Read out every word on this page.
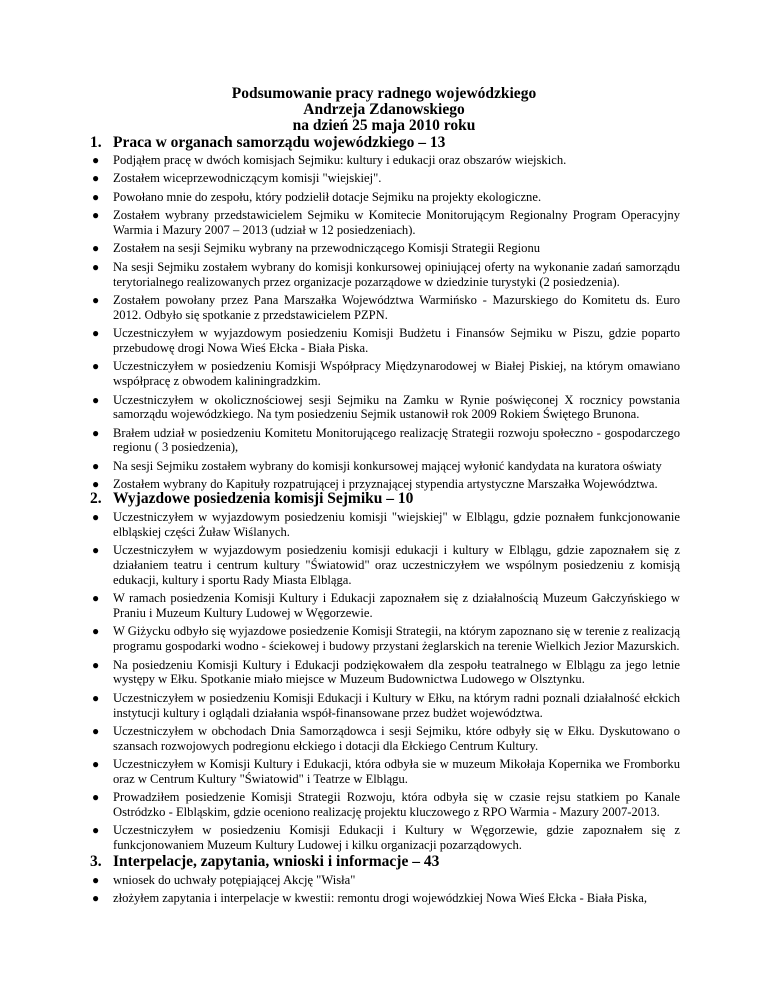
Podsumowanie pracy radnego wojewódzkiego
Andrzeja Zdanowskiego
na dzień 25 maja 2010 roku
1. Praca w organach samorządu wojewódzkiego – 13
● Podjąłem pracę w dwóch komisjach Sejmiku: kultury i edukacji oraz obszarów wiejskich.
● Zostałem wiceprzewodniczącym komisji "wiejskiej".
● Powołano mnie do zespołu, który podzielił dotacje Sejmiku na projekty ekologiczne.
● Zostałem wybrany przedstawicielem Sejmiku w Komitecie Monitorującym Regionalny Program Operacyjny Warmia i Mazury 2007 – 2013 (udział w 12 posiedzeniach).
● Zostałem na sesji Sejmiku wybrany na przewodniczącego Komisji Strategii Regionu
● Na sesji Sejmiku zostałem wybrany do komisji konkursowej opiniującej oferty na wykonanie zadań samorządu terytorialnego realizowanych przez organizacje pozarządowe w dziedzinie turystyki (2 posiedzenia).
● Zostałem powołany przez Pana Marszałka Województwa Warmińsko - Mazurskiego do Komitetu ds. Euro 2012. Odbyło się spotkanie z przedstawicielem PZPN.
● Uczestniczyłem w wyjazdowym posiedzeniu Komisji Budżetu i Finansów Sejmiku w Piszu, gdzie poparto przebudowę drogi Nowa Wieś Ełcka - Biała Piska.
● Uczestniczyłem w posiedzeniu Komisji Współpracy Międzynarodowej w Białej Piskiej, na którym omawiano współpracę z obwodem kaliningradzkim.
● Uczestniczyłem w okolicznościowej sesji Sejmiku na Zamku w Rynie poświęconej X rocznicy powstania samorządu wojewódzkiego. Na tym posiedzeniu Sejmik ustanowił rok 2009 Rokiem Świętego Brunona.
● Brałem udział w posiedzeniu Komitetu Monitorującego realizację Strategii rozwoju społeczno - gospodarczego regionu ( 3 posiedzenia),
● Na sesji Sejmiku zostałem wybrany do komisji konkursowej mającej wyłonić kandydata na kuratora oświaty
● Zostałem wybrany do Kapituły rozpatrującej i przyznającej stypendia artystyczne Marszałka Województwa.
2. Wyjazdowe posiedzenia komisji Sejmiku – 10
● Uczestniczyłem w wyjazdowym posiedzeniu komisji "wiejskiej" w Elblągu, gdzie poznałem funkcjonowanie elbląskiej części Żuław Wiślanych.
● Uczestniczyłem w wyjazdowym posiedzeniu komisji edukacji i kultury w Elblągu, gdzie zapoznałem się z działaniem teatru i centrum kultury "Światowid" oraz uczestniczyłem we wspólnym posiedzeniu z komisją edukacji, kultury i sportu Rady Miasta Elbląga.
● W ramach posiedzenia Komisji Kultury i Edukacji zapoznałem się z działalnością Muzeum Gałczyńskiego w Praniu i Muzeum Kultury Ludowej w Węgorzewie.
● W Giżycku odbyło się wyjazdowe posiedzenie Komisji Strategii, na którym zapoznano się w terenie z realizacją programu gospodarki wodno - ściekowej i budowy przystani żeglarskich na terenie Wielkich Jezior Mazurskich.
● Na posiedzeniu Komisji Kultury i Edukacji podziękowałem dla zespołu teatralnego w Elblągu za jego letnie występy w Ełku. Spotkanie miało miejsce w Muzeum Budownictwa Ludowego w Olsztynku.
● Uczestniczyłem w posiedzeniu Komisji Edukacji i Kultury w Ełku, na którym radni poznali działalność ełckich instytucji kultury i oglądali działania współ-finansowane przez budżet województwa.
● Uczestniczyłem w obchodach Dnia Samorządowca i sesji Sejmiku, które odbyły się w Ełku. Dyskutowano o szansach rozwojowych podregionu ełckiego i dotacji dla Ełckiego Centrum Kultury.
● Uczestniczyłem w Komisji Kultury i Edukacji, która odbyła sie w muzeum Mikołaja Kopernika we Fromborku oraz w Centrum Kultury "Światowid" i Teatrze w Elblągu.
● Prowadziłem posiedzenie Komisji Strategii Rozwoju, która odbyła się w czasie rejsu statkiem po Kanale Ostródzko - Elbląskim, gdzie oceniono realizację projektu kluczowego z RPO Warmia - Mazury 2007-2013.
● Uczestniczyłem w posiedzeniu Komisji Edukacji i Kultury w Węgorzewie, gdzie zapoznałem się z funkcjonowaniem Muzeum Kultury Ludowej i kilku organizacji pozarządowych.
3. Interpelacje, zapytania, wnioski i informacje – 43
● wniosek do uchwały potępiającej Akcję "Wisła"
● złożyłem zapytania i interpelacje w kwestii: remontu drogi wojewódzkiej Nowa Wieś Ełcka - Biała Piska,
